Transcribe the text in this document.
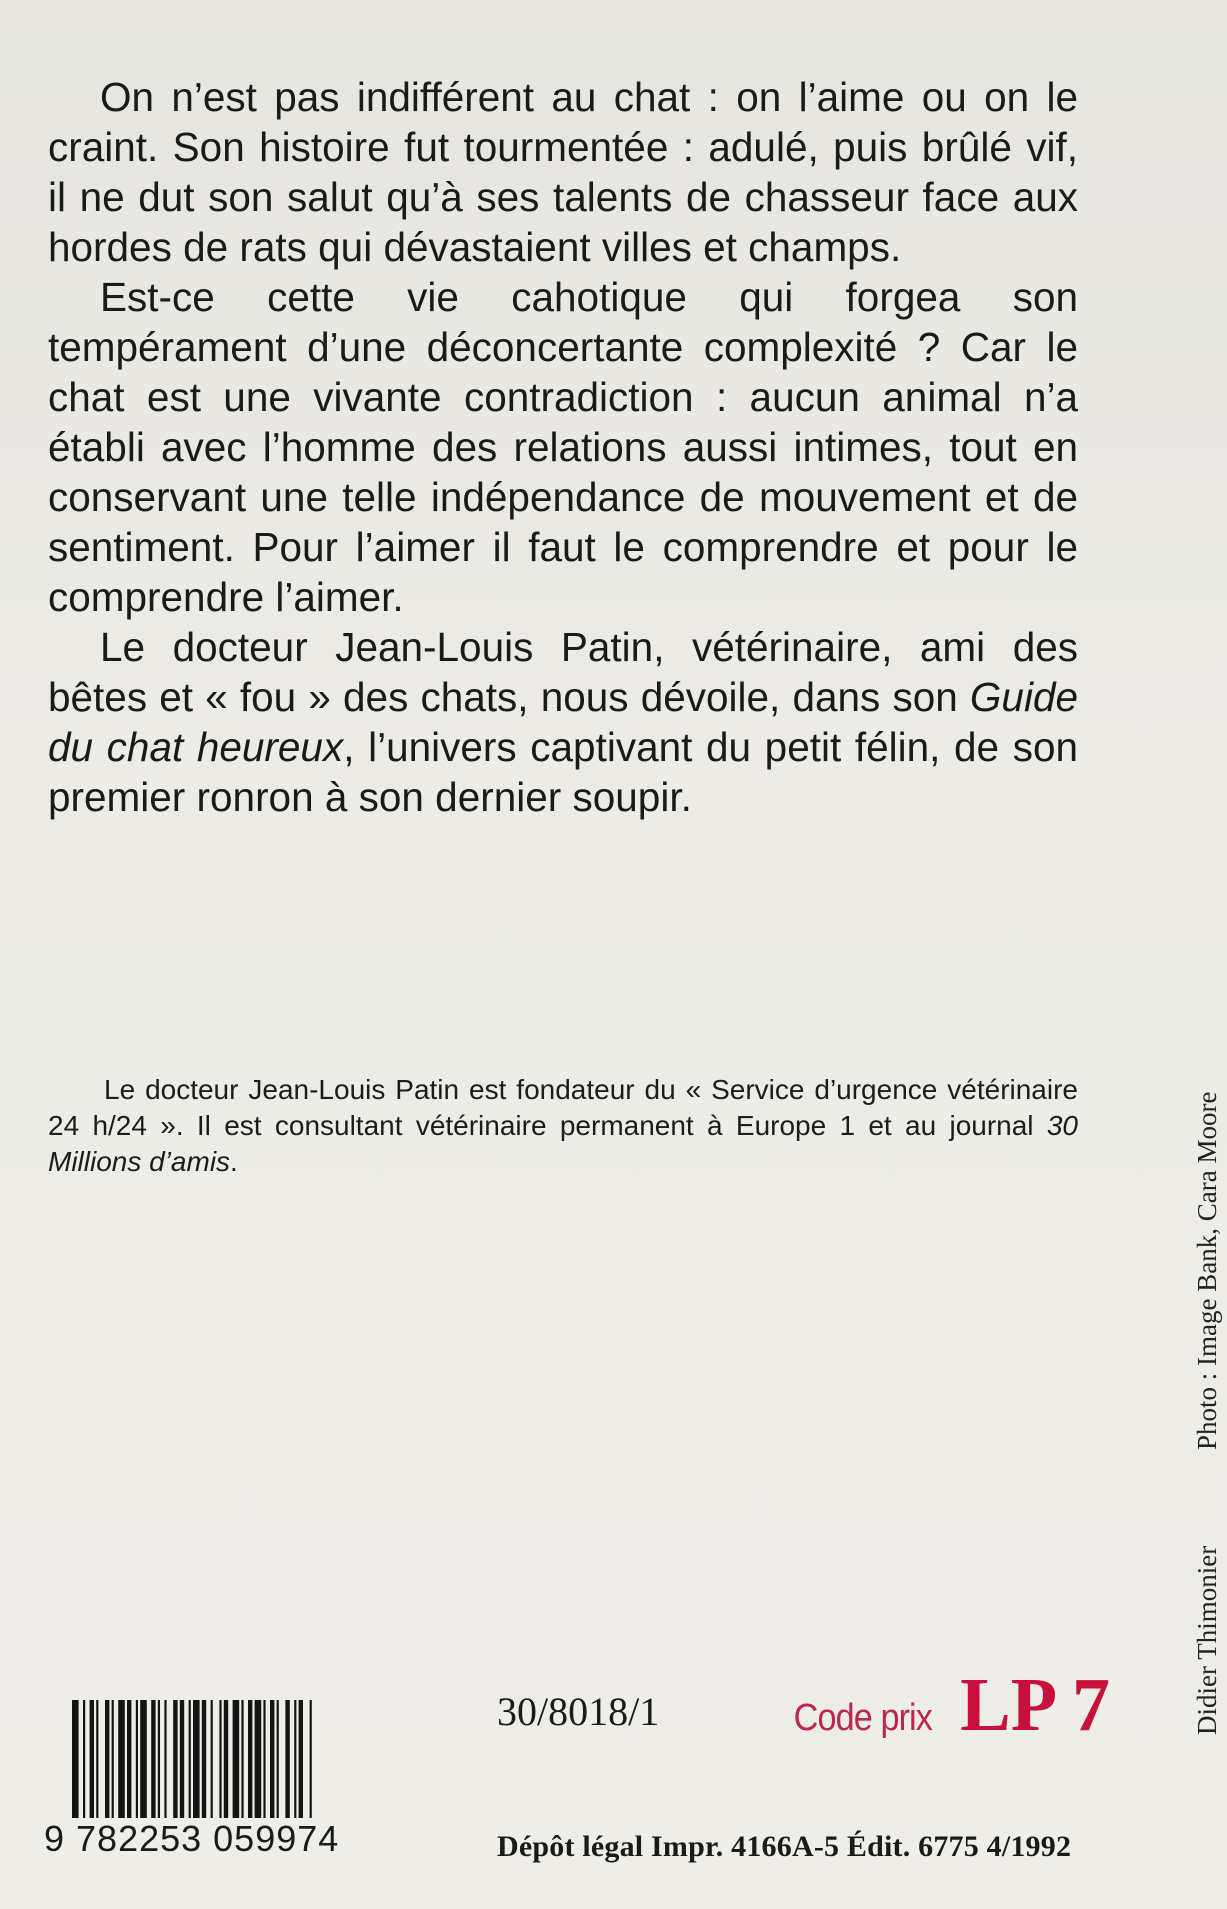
On n’est pas indifférent au chat : on l’aime ou on le craint. Son histoire fut tourmentée : adulé, puis brûlé vif, il ne dut son salut qu’à ses talents de chasseur face aux hordes de rats qui dévastaient villes et champs.

Est-ce cette vie cahotique qui forgea son tempérament d’une déconcertante complexité ? Car le chat est une vivante contradiction : aucun animal n’a établi avec l’homme des relations aussi intimes, tout en conservant une telle indépendance de mouvement et de sentiment. Pour l’aimer il faut le comprendre et pour le comprendre l’aimer.

Le docteur Jean-Louis Patin, vétérinaire, ami des bêtes et « fou » des chats, nous dévoile, dans son Guide du chat heureux, l’univers captivant du petit félin, de son premier ronron à son dernier soupir.

Le docteur Jean-Louis Patin est fondateur du « Service d’urgence vétérinaire 24 h/24 ». Il est consultant vétérinaire permanent à Europe 1 et au journal 30 Millions d’amis.	Photo : Image Bank, Cara Moore
Didier Thimonier
9 782253 059974
30/8018/1	Code prix LP 7
Dépôt légal Impr. 4166A-5 Édit. 6775 4/1992
